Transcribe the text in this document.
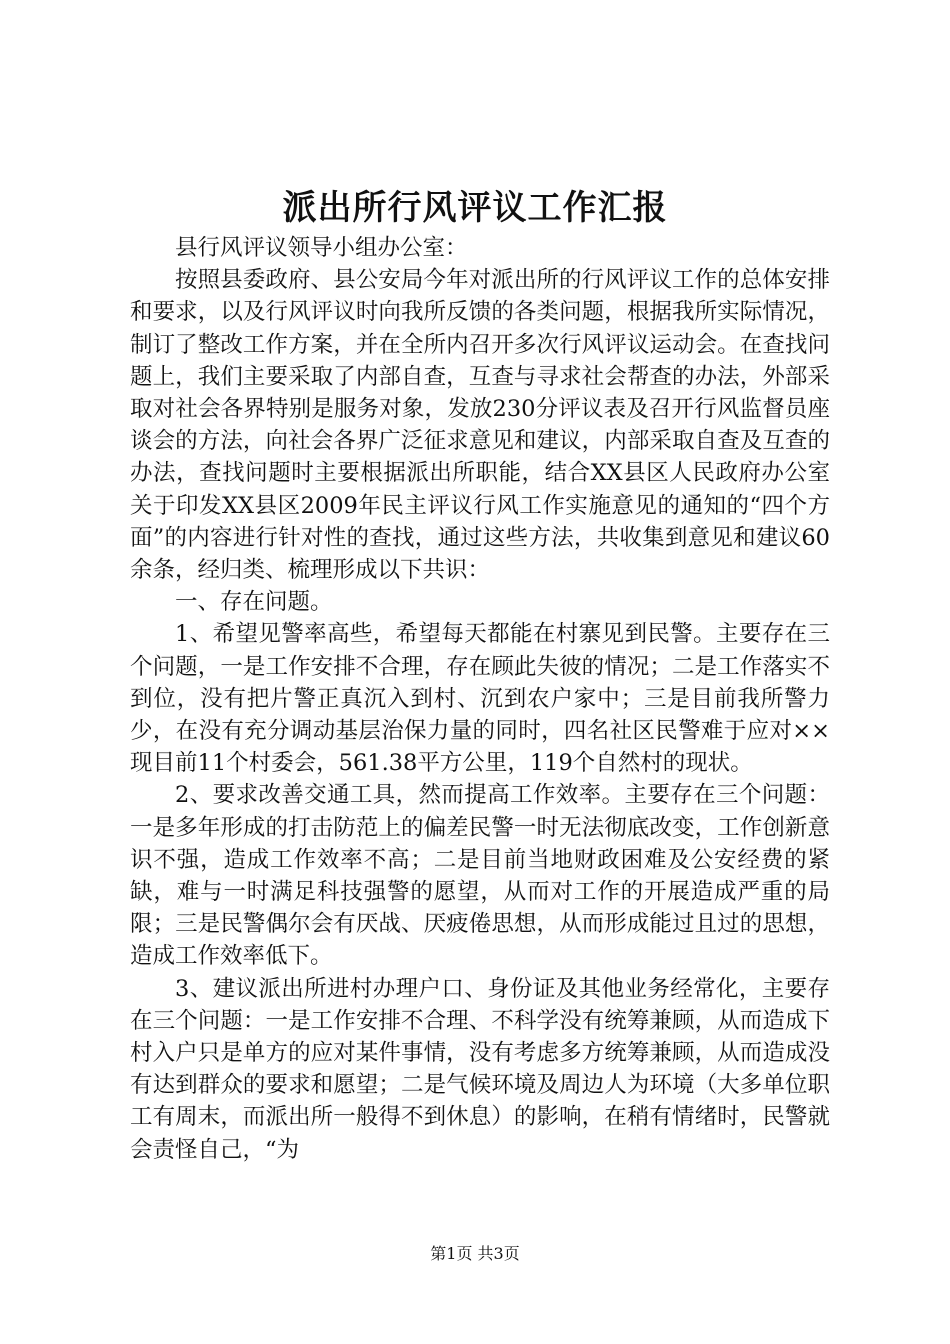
派出所行风评议工作汇报

县行风评议领导小组办公室：

按照县委政府、县公安局今年对派出所的行风评议工作的总体安排和要求，以及行风评议时向我所反馈的各类问题，根据我所实际情况，制订了整改工作方案，并在全所内召开多次行风评议运动会。在查找问题上，我们主要采取了内部自查，互查与寻求社会帮查的办法，外部采取对社会各界特别是服务对象，发放230分评议表及召开行风监督员座谈会的方法，向社会各界广泛征求意见和建议，内部采取自查及互查的办法，查找问题时主要根据派出所职能，结合XX县区人民政府办公室关于印发XX县区2009年民主评议行风工作实施意见的通知的“四个方面”的内容进行针对性的查找，通过这些方法，共收集到意见和建议60余条，经归类、梳理形成以下共识：

一、存在问题。

1、希望见警率高些，希望每天都能在村寨见到民警。主要存在三个问题，一是工作安排不合理，存在顾此失彼的情况；二是工作落实不到位，没有把片警正真沉入到村、沉到农户家中；三是目前我所警力少，在没有充分调动基层治保力量的同时，四名社区民警难于应对××现目前11个村委会，561.38平方公里，119个自然村的现状。

2、要求改善交通工具，然而提高工作效率。主要存在三个问题：一是多年形成的打击防范上的偏差民警一时无法彻底改变，工作创新意识不强，造成工作效率不高；二是目前当地财政困难及公安经费的紧缺，难与一时满足科技强警的愿望，从而对工作的开展造成严重的局限；三是民警偶尔会有厌战、厌疲倦思想，从而形成能过且过的思想，造成工作效率低下。

3、建议派出所进村办理户口、身份证及其他业务经常化，主要存在三个问题：一是工作安排不合理、不科学没有统筹兼顾，从而造成下村入户只是单方的应对某件事情，没有考虑多方统筹兼顾，从而造成没有达到群众的要求和愿望；二是气候环境及周边人为环境（大多单位职工有周末，而派出所一般得不到休息）的影响，在稍有情绪时，民警就会责怪自己，“为

第1页 共3页
